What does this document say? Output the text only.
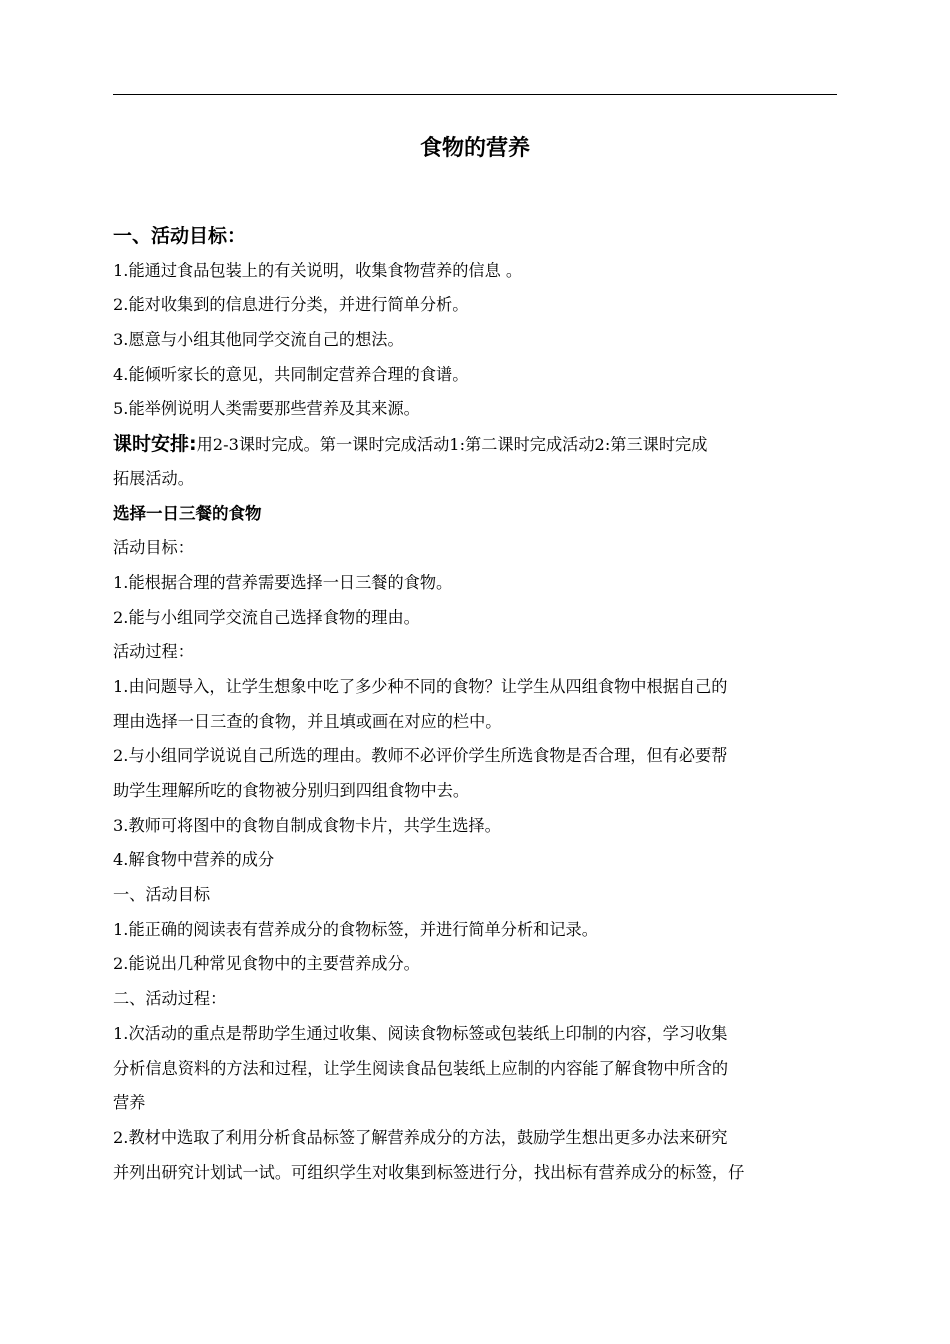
食物的营养
一、活动目标：
1.能通过食品包装上的有关说明，收集食物营养的信息 。
2.能对收集到的信息进行分类，并进行简单分析。
3.愿意与小组其他同学交流自己的想法。
4.能倾听家长的意见，共同制定营养合理的食谱。
5.能举例说明人类需要那些营养及其来源。
课时安排:用2-3课时完成。第一课时完成活动1:第二课时完成活动2:第三课时完成
拓展活动。
选择一日三餐的食物
活动目标：
1.能根据合理的营养需要选择一日三餐的食物。
2.能与小组同学交流自己选择食物的理由。
活动过程：
1.由问题导入，让学生想象中吃了多少种不同的食物？让学生从四组食物中根据自己的
理由选择一日三查的食物，并且填或画在对应的栏中。
2.与小组同学说说自己所选的理由。教师不必评价学生所选食物是否合理，但有必要帮
助学生理解所吃的食物被分别归到四组食物中去。
3.教师可将图中的食物自制成食物卡片，共学生选择。
4.解食物中营养的成分
一、活动目标
1.能正确的阅读表有营养成分的食物标签，并进行简单分析和记录。
2.能说出几种常见食物中的主要营养成分。
二、活动过程：
1.次活动的重点是帮助学生通过收集、阅读食物标签或包装纸上印制的内容，学习收集
分析信息资料的方法和过程，让学生阅读食品包装纸上应制的内容能了解食物中所含的
营养
2.教材中选取了利用分析食品标签了解营养成分的方法，鼓励学生想出更多办法来研究
并列出研究计划试一试。可组织学生对收集到标签进行分，找出标有营养成分的标签，仔
